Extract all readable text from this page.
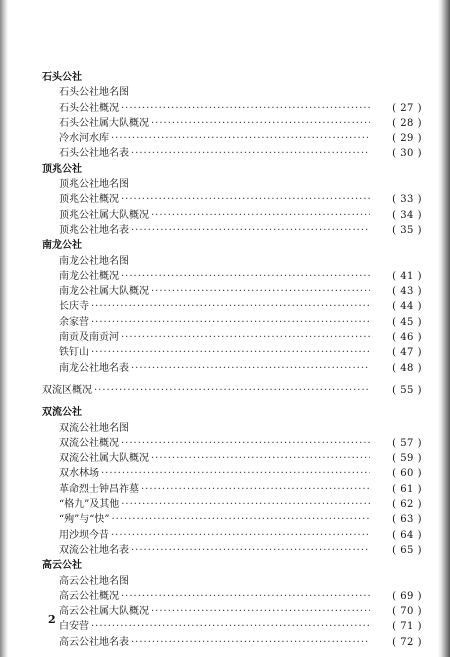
石头公社
石头公社地名图
石头公社概况 ·····	( 27 )
石头公社属大队概况 ·····	( 28 )
冷水河水库 ·····	( 29 )
石头公社地名表 ·····	( 30 )
顶兆公社
顶兆公社地名图
顶兆公社概况 ·····	( 33 )
顶兆公社属大队概况 ·····	( 34 )
顶兆公社地名表 ·····	( 35 )
南龙公社
南龙公社地名图
南龙公社概况 ·····	( 41 )
南龙公社属大队概况 ·····	( 43 )
长庆寺 ·····	( 44 )
余家营 ·····	( 45 )
南贡及南贡河 ·····	( 46 )
铁钉山 ·····	( 47 )
南龙公社地名表 ·····	( 48 )
双流区概况 ·····	( 55 )
双流公社
双流公社地名图
双流公社概况 ·····	( 57 )
双流公社属大队概况 ·····	( 59 )
双水林场 ·····	( 60 )
革命烈士钟昌祚墓 ·····	( 61 )
“格九”及其他 ·····	( 62 )
“殉”与“快” ·····	( 63 )
用沙坝今昔 ·····	( 64 )
双流公社地名表 ·····	( 65 )
高云公社
高云公社地名图
高云公社概况 ·····	( 69 )
高云公社属大队概况 ·····	( 70 )
白安营 ·····	( 71 )
高云公社地名表 ·····	( 72 )
2
